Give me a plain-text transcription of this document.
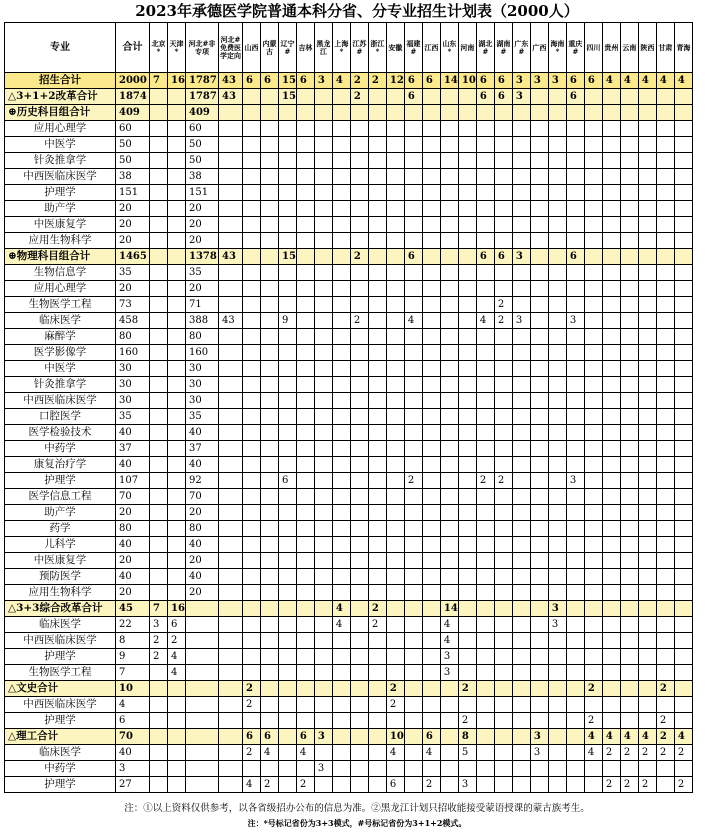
2023年承德医学院普通本科分省、分专业招生计划表（2000人）
专业	合计	北京*	天津*	河北#非专项	河北#免费医学定向	山西	内蒙古	辽宁#	吉林	黑龙江	上海*	江苏#	浙江*	安徽	福建#	江西	山东*	河南	湖北#	湖南#	广东#	广西	海南*	重庆#	四川	贵州	云南	陕西	甘肃	青海
招生合计	2000	7	16	1787	43	6	6	15	6	3	4	2	2	12	6	6	14	10	6	6	3	3	3	6	6	4	4	4	4	4
△3+1+2改革合计	1874			1787	43			15				2			6				6	6	3			6						
⊕历史科目组合计	409			409																										
应用心理学	60			60																										
中医学	50			50																										
针灸推拿学	50			50																										
中西医临床医学	38			38																										
护理学	151			151																										
助产学	20			20																										
中医康复学	20			20																										
应用生物科学	20			20																										
⊕物理科目组合计	1465			1378	43			15				2			6				6	6	3			6						
生物信息学	35			35																										
应用心理学	20			20																										
生物医学工程	73			71																2										
临床医学	458			388	43			9				2			4				4	2	3			3						
麻醉学	80			80																										
医学影像学	160			160																										
中医学	30			30																										
针灸推拿学	30			30																										
中西医临床医学	30			30																										
口腔医学	35			35																										
医学检验技术	40			40																										
中药学	37			37																										
康复治疗学	40			40																										
护理学	107			92				6							2				2	2				3						
医学信息工程	70			70																										
助产学	20			20																										
药学	80			80																										
儿科学	40			40																										
中医康复学	20			20																										
预防医学	40			40																										
应用生物科学	20			20																										
△3+3综合改革合计	45	7	16								4		2				14						3							
临床医学	22	3	6								4		2				4						3							
中西医临床医学	8	2	2														4													
护理学	9	2	4														3													
生物医学工程	7		4														3													
△文史合计	10					2								2				2							2				2	
中西医临床医学	4					2								2																
护理学	6																	2							2				2	
△理工合计	70					6	6		6	3				10		6		8				3			4	4	4	4	2	4
临床医学	40					2	4		4					4		4		5				3			4	2	2	2	2	2
中药学	3									3																				
护理学	27					4	2		2					6		2		3								2	2	2		2
注：①以上资料仅供参考，以各省级招办公布的信息为准。②黑龙江计划只招收能接受蒙语授课的蒙古族考生。
注：*号标记省份为3+3模式，#号标记省份为3+1+2模式。
